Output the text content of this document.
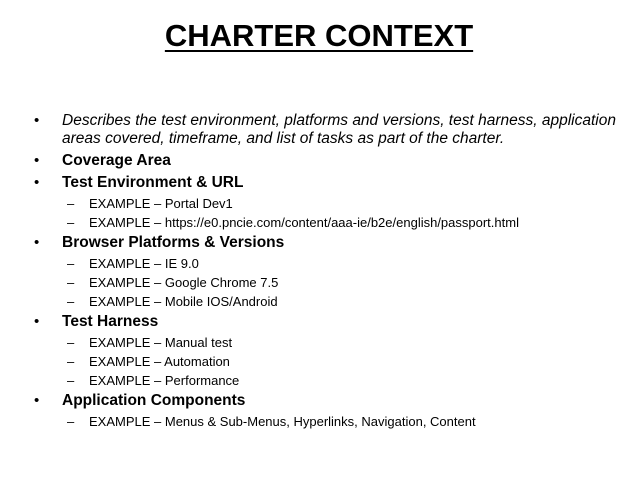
CHARTER CONTEXT
• Describes the test environment, platforms and versions, test harness, application areas covered, timeframe, and list of tasks as part of the charter.
• Coverage Area
• Test Environment & URL
– EXAMPLE – Portal Dev1
– EXAMPLE – https://e0.pncie.com/content/aaa-ie/b2e/english/passport.html
• Browser Platforms & Versions
– EXAMPLE – IE 9.0
– EXAMPLE – Google Chrome 7.5
– EXAMPLE – Mobile IOS/Android
• Test Harness
– EXAMPLE – Manual test
– EXAMPLE – Automation
– EXAMPLE – Performance
• Application Components
– EXAMPLE – Menus & Sub-Menus, Hyperlinks, Navigation, Content
